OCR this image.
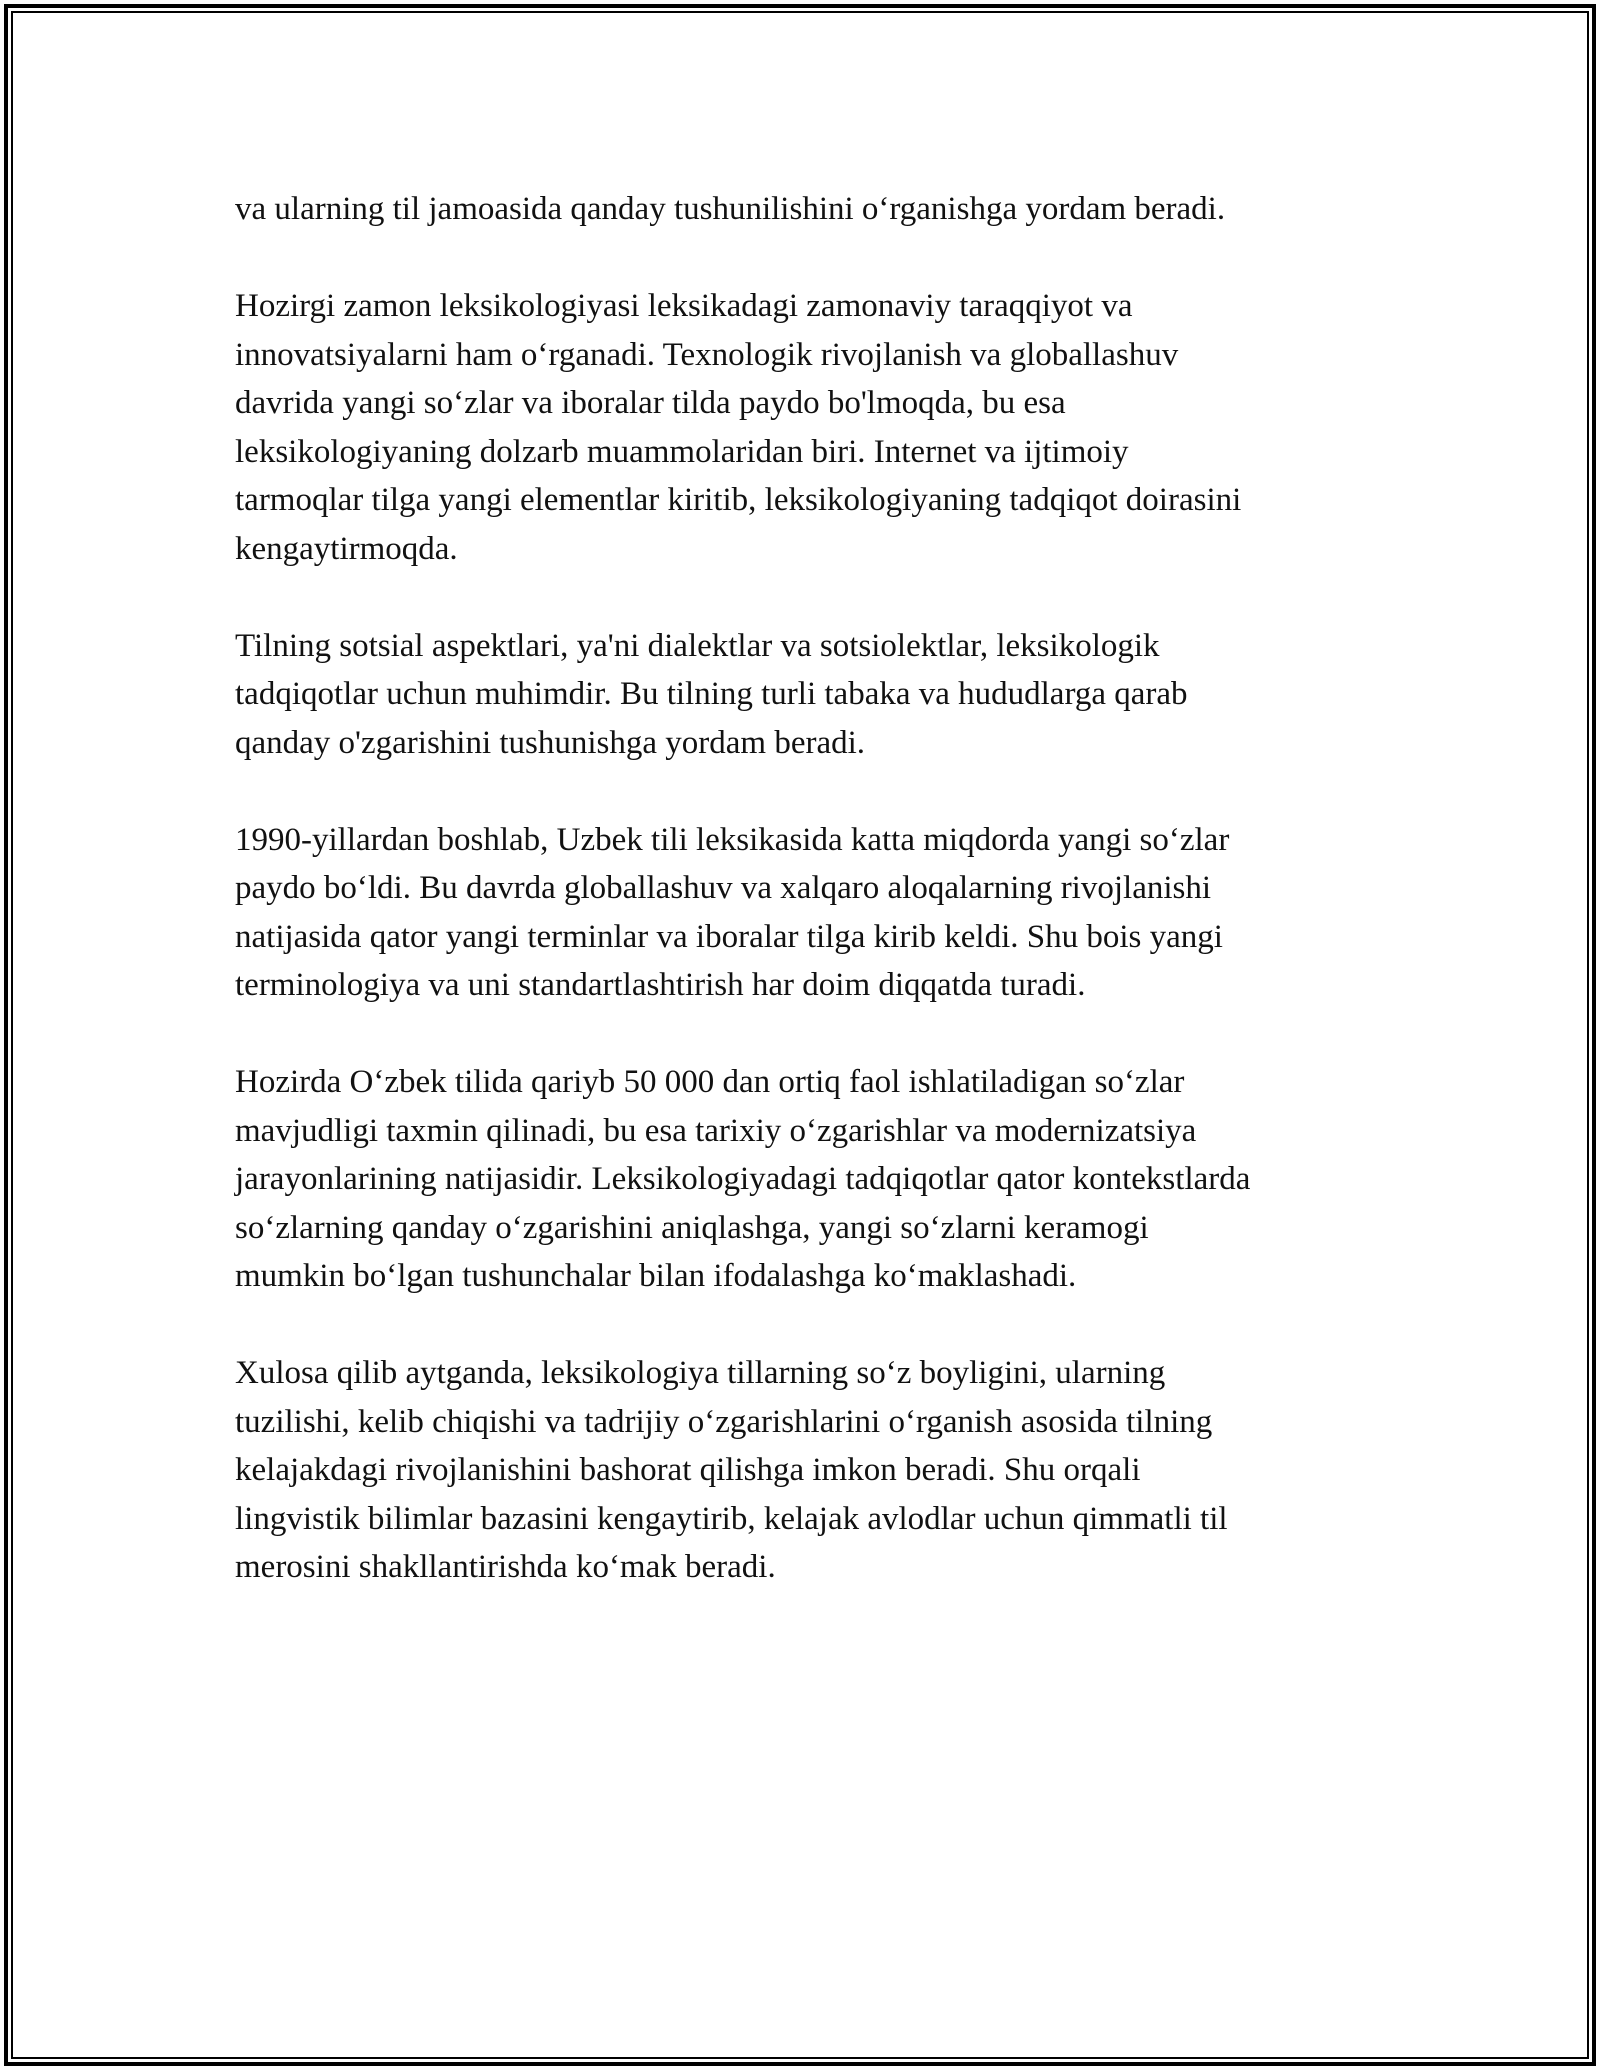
va ularning til jamoasida qanday tushunilishini o‘rganishga yordam beradi.

Hozirgi zamon leksikologiyasi leksikadagi zamonaviy taraqqiyot va
innovatsiyalarni ham o‘rganadi. Texnologik rivojlanish va globallashuv
davrida yangi so‘zlar va iboralar tilda paydo bo'lmoqda, bu esa
leksikologiyaning dolzarb muammolaridan biri. Internet va ijtimoiy
tarmoqlar tilga yangi elementlar kiritib, leksikologiyaning tadqiqot doirasini
kengaytirmoqda.

Tilning sotsial aspektlari, ya'ni dialektlar va sotsiolektlar, leksikologik
tadqiqotlar uchun muhimdir. Bu tilning turli tabaka va hududlarga qarab
qanday o'zgarishini tushunishga yordam beradi.

1990-yillardan boshlab, Uzbek tili leksikasida katta miqdorda yangi so‘zlar
paydo bo‘ldi. Bu davrda globallashuv va xalqaro aloqalarning rivojlanishi
natijasida qator yangi terminlar va iboralar tilga kirib keldi. Shu bois yangi
terminologiya va uni standartlashtirish har doim diqqatda turadi.

Hozirda O‘zbek tilida qariyb 50 000 dan ortiq faol ishlatiladigan so‘zlar
mavjudligi taxmin qilinadi, bu esa tarixiy o‘zgarishlar va modernizatsiya
jarayonlarining natijasidir. Leksikologiyadagi tadqiqotlar qator kontekstlarda
so‘zlarning qanday o‘zgarishini aniqlashga, yangi so‘zlarni keramogi
mumkin bo‘lgan tushunchalar bilan ifodalashga ko‘maklashadi.

Xulosa qilib aytganda, leksikologiya tillarning so‘z boyligini, ularning
tuzilishi, kelib chiqishi va tadrijiy o‘zgarishlarini o‘rganish asosida tilning
kelajakdagi rivojlanishini bashorat qilishga imkon beradi. Shu orqali
lingvistik bilimlar bazasini kengaytirib, kelajak avlodlar uchun qimmatli til
merosini shakllantirishda ko‘mak beradi.
